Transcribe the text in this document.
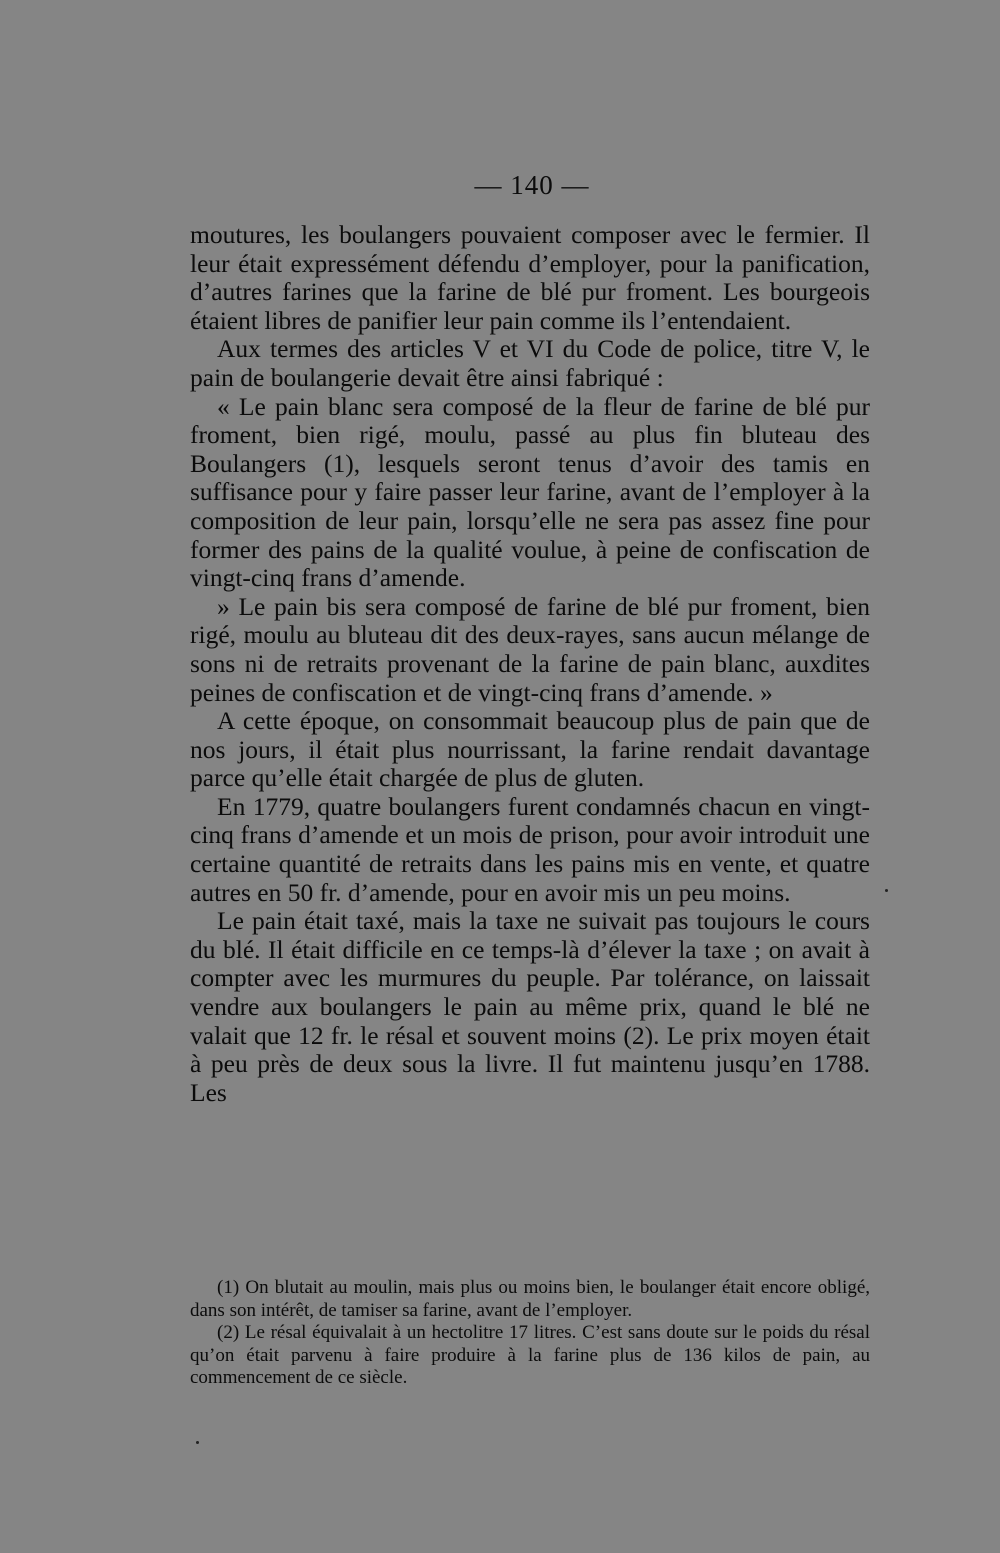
— 140 —

moutures, les boulangers pouvaient composer avec le fermier. Il leur était expressément défendu d’employer, pour la panification, d’autres farines que la farine de blé pur froment. Les bourgeois étaient libres de panifier leur pain comme ils l’entendaient.

Aux termes des articles V et VI du Code de police, titre V, le pain de boulangerie devait être ainsi fabriqué :

« Le pain blanc sera composé de la fleur de farine de blé pur froment, bien rigé, moulu, passé au plus fin bluteau des Boulangers (1), lesquels seront tenus d’avoir des tamis en suffisance pour y faire passer leur farine, avant de l’employer à la composition de leur pain, lorsqu’elle ne sera pas assez fine pour former des pains de la qualité voulue, à peine de confiscation de vingt-cinq frans d’amende.

» Le pain bis sera composé de farine de blé pur froment, bien rigé, moulu au bluteau dit des deux-rayes, sans aucun mélange de sons ni de retraits provenant de la farine de pain blanc, auxdites peines de confiscation et de vingt-cinq frans d’amende. »

A cette époque, on consommait beaucoup plus de pain que de nos jours, il était plus nourrissant, la farine rendait davantage parce qu’elle était chargée de plus de gluten.

En 1779, quatre boulangers furent condamnés chacun en vingt-cinq frans d’amende et un mois de prison, pour avoir introduit une certaine quantité de retraits dans les pains mis en vente, et quatre autres en 50 fr. d’amende, pour en avoir mis un peu moins.

Le pain était taxé, mais la taxe ne suivait pas toujours le cours du blé. Il était difficile en ce temps-là d’élever la taxe ; on avait à compter avec les murmures du peuple. Par tolérance, on laissait vendre aux boulangers le pain au même prix, quand le blé ne valait que 12 fr. le résal et souvent moins (2). Le prix moyen était à peu près de deux sous la livre. Il fut maintenu jusqu’en 1788. Les

(1) On blutait au moulin, mais plus ou moins bien, le boulanger était encore obligé, dans son intérêt, de tamiser sa farine, avant de l’employer.

(2) Le résal équivalait à un hectolitre 17 litres. C’est sans doute sur le poids du résal qu’on était parvenu à faire produire à la farine plus de 136 kilos de pain, au commencement de ce siècle.
